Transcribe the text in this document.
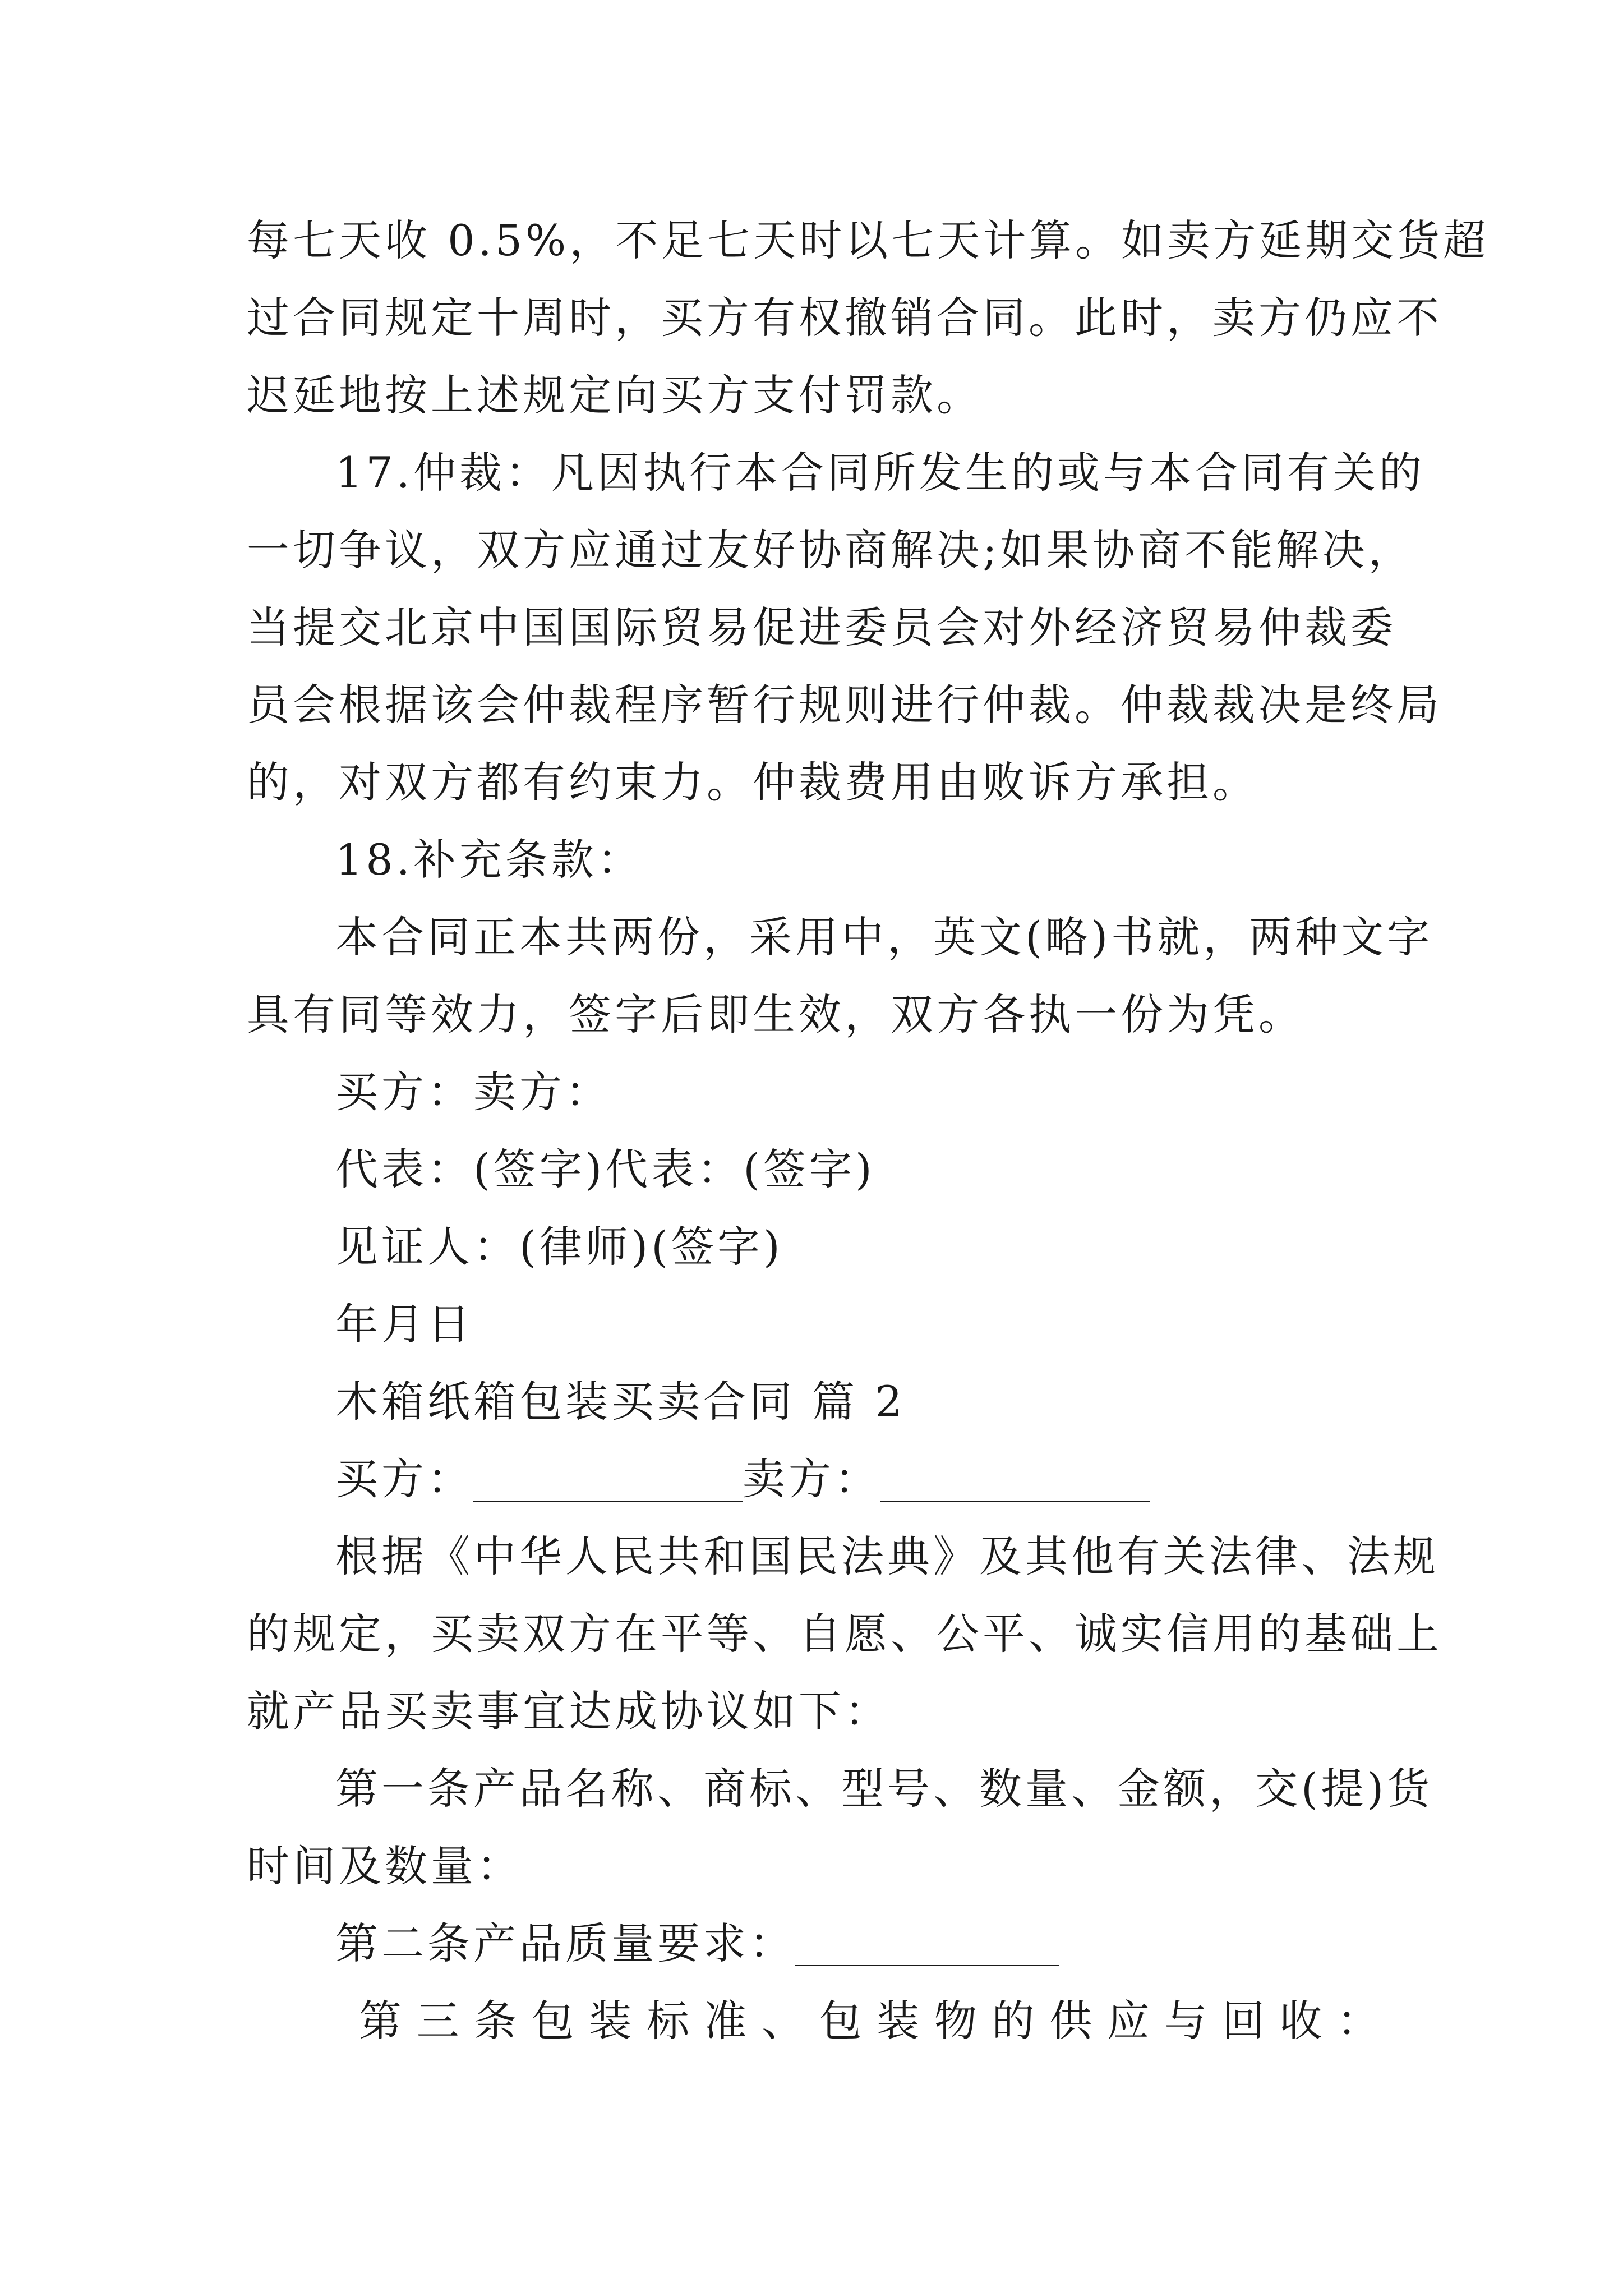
每七天收 0.5%，不足七天时以七天计算。如卖方延期交货超
过合同规定十周时，买方有权撤销合同。此时，卖方仍应不
迟延地按上述规定向买方支付罚款。
17.仲裁：凡因执行本合同所发生的或与本合同有关的
一切争议，双方应通过友好协商解决;如果协商不能解决，
当提交北京中国国际贸易促进委员会对外经济贸易仲裁委
员会根据该会仲裁程序暂行规则进行仲裁。仲裁裁决是终局
的，对双方都有约束力。仲裁费用由败诉方承担。
18.补充条款：
本合同正本共两份，采用中，英文(略)书就，两种文字
具有同等效力，签字后即生效，双方各执一份为凭。
买方：卖方：
代表：(签字)代表：(签字)
见证人：(律师)(签字)
年月日
木箱纸箱包装买卖合同 篇 2
买方：	卖方：
根据《中华人民共和国民法典》及其他有关法律、法规
的规定，买卖双方在平等、自愿、公平、诚实信用的基础上
就产品买卖事宜达成协议如下：
第一条产品名称、商标、型号、数量、金额，交(提)货
时间及数量：
第二条产品质量要求：
第三条包装标准、包装物的供应与回收：
